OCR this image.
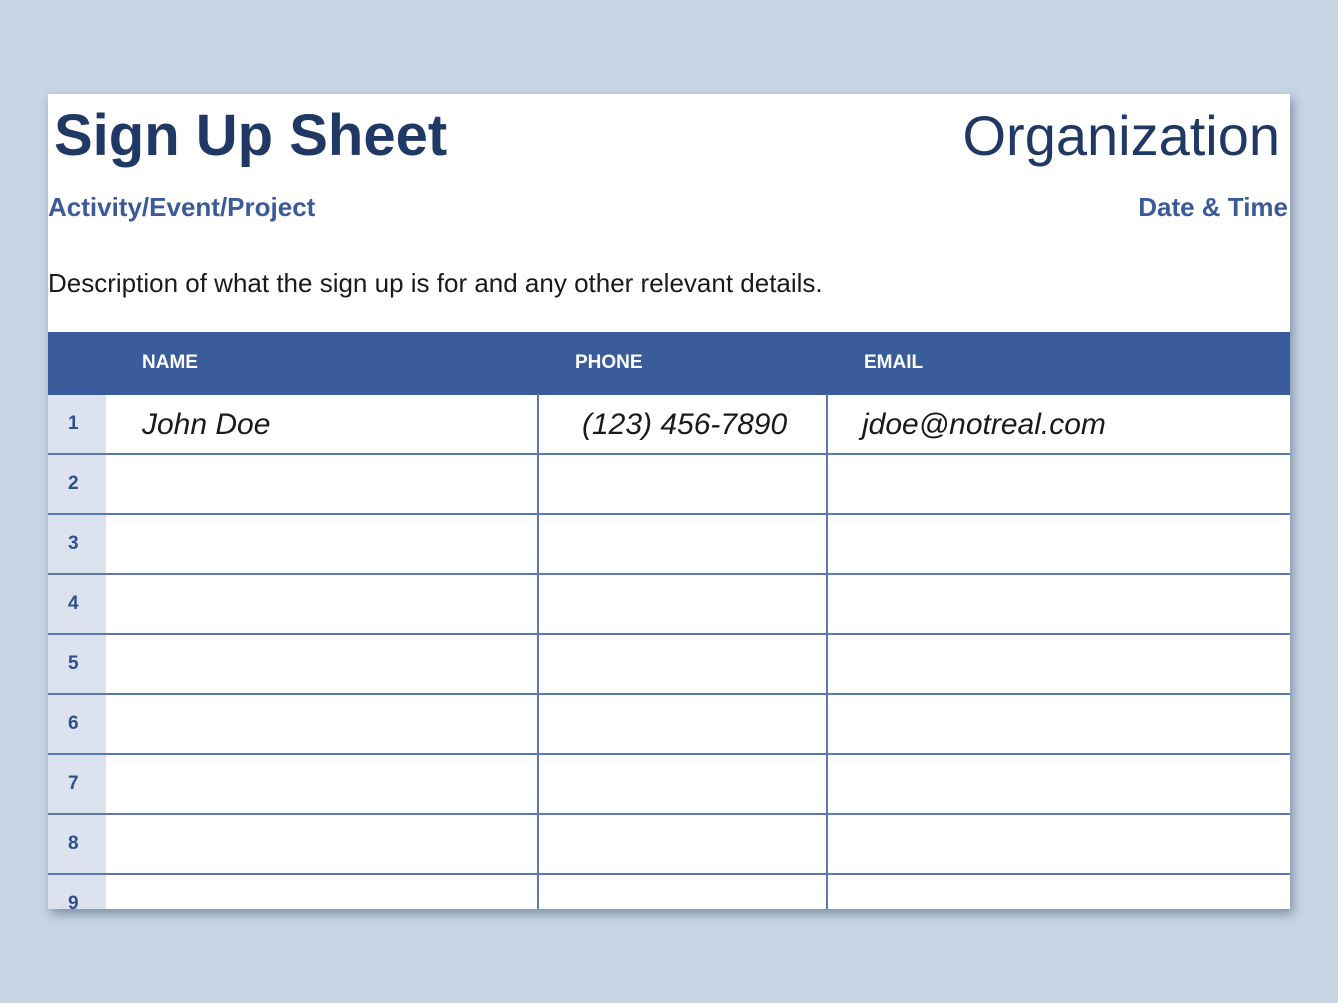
Sign Up Sheet	Organization
Activity/Event/Project	Date & Time
Description of what the sign up is for and any other relevant details.
NAME	PHONE	EMAIL
1	John Doe	(123) 456-7890 jdoe@notreal.com
2
3
4
5
6
7
8
9
